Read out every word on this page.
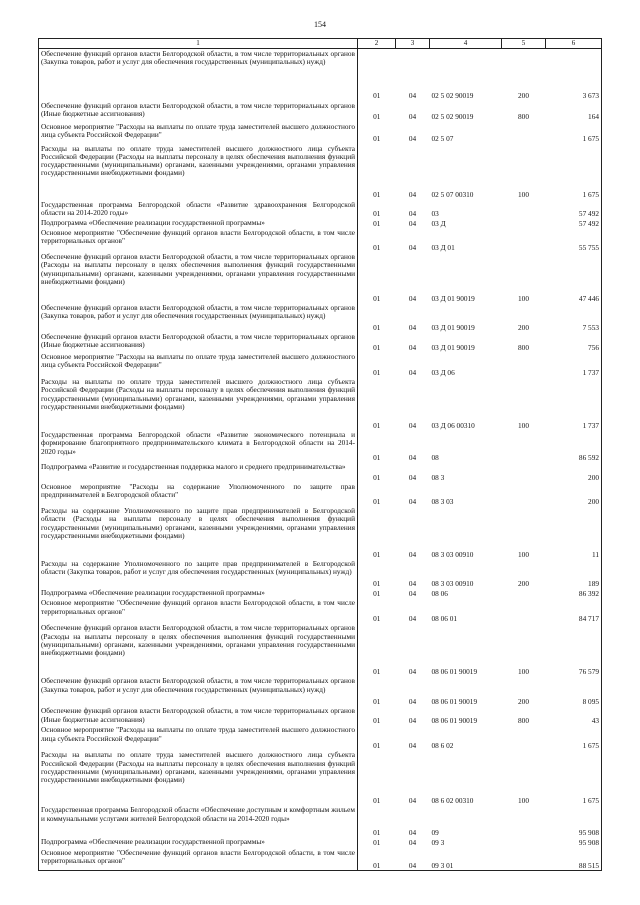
154
1	2	3	4	5	6
Обеспечение функций органов власти Белгородской области, в том числе территориальных органов (Закупка товаров, работ и услуг для обеспечения государственных (муниципальных) нужд)	01	04	02 5 02 90019	200	3 673
Обеспечение функций органов власти Белгородской области, в том числе территориальных органов (Иные бюджетные ассигнования)	01	04	02 5 02 90019	800	164
Основное мероприятие "Расходы на выплаты по оплате труда заместителей высшего должностного лица субъекта Российской Федерации"	01	04	02 5 07		1 675
Расходы на выплаты по оплате труда заместителей высшего должностного лица субъекта Российской Федерации (Расходы на выплаты персоналу в целях обеспечения выполнения функций государственными (муниципальными) органами, казенными учреждениями, органами управления государственными внебюджетными фондами)	01	04	02 5 07 00310	100	1 675
Государственная программа Белгородской области «Развитие здравоохранения Белгородской области на 2014-2020 годы»	01	04	03		57 492
Подпрограмма «Обеспечение реализации государственной программы»	01	04	03 Д		57 492
Основное мероприятие "Обеспечение функций органов власти Белгородской области, в том числе территориальных органов"	01	04	03 Д 01		55 755
Обеспечение функций органов власти Белгородской области, в том числе территориальных органов (Расходы на выплаты персоналу в целях обеспечения выполнения функций государственными (муниципальными) органами, казенными учреждениями, органами управления государственными внебюджетными фондами)	01	04	03 Д 01 90019	100	47 446
Обеспечение функций органов власти Белгородской области, в том числе территориальных органов (Закупка товаров, работ и услуг для обеспечения государственных (муниципальных) нужд)	01	04	03 Д 01 90019	200	7 553
Обеспечение функций органов власти Белгородской области, в том числе территориальных органов (Иные бюджетные ассигнования)	01	04	03 Д 01 90019	800	756
Основное мероприятие "Расходы на выплаты по оплате труда заместителей высшего должностного лица субъекта Российской Федерации"	01	04	03 Д 06		1 737
Расходы на выплаты по оплате труда заместителей высшего должностного лица субъекта Российской Федерации (Расходы на выплаты персоналу в целях обеспечения выполнения функций государственными (муниципальными) органами, казенными учреждениями, органами управления государственными внебюджетными фондами)	01	04	03 Д 06 00310	100	1 737
Государственная программа Белгородской области «Развитие экономического потенциала и формирование благоприятного предпринимательского климата в Белгородской области на 2014-2020 годы»	01	04	08		86 592
Подпрограмма «Развитие и государственная поддержка малого и среднего предпринимательства»	01	04	08 3		200
Основное мероприятие "Расходы на содержание Уполномоченного по защите прав предпринимателей в Белгородской области"	01	04	08 3 03		200
Расходы на содержание Уполномоченного по защите прав предпринимателей в Белгородской области (Расходы на выплаты персоналу в целях обеспечения выполнения функций государственными (муниципальными) органами, казенными учреждениями, органами управления государственными внебюджетными фондами)	01	04	08 3 03 00910	100	11
Расходы на содержание Уполномоченного по защите прав предпринимателей в Белгородской области (Закупка товаров, работ и услуг для обеспечения государственных (муниципальных) нужд)	01	04	08 3 03 00910	200	189
Подпрограмма «Обеспечение реализации государственной программы»	01	04	08 06		86 392
Основное мероприятие "Обеспечение функций органов власти Белгородской области, в том числе территориальных органов"	01	04	08 06 01		84 717
Обеспечение функций органов власти Белгородской области, в том числе территориальных органов (Расходы на выплаты персоналу в целях обеспечения выполнения функций государственными (муниципальными) органами, казенными учреждениями, органами управления государственными внебюджетными фондами)	01	04	08 06 01 90019	100	76 579
Обеспечение функций органов власти Белгородской области, в том числе территориальных органов (Закупка товаров, работ и услуг для обеспечения государственных (муниципальных) нужд)	01	04	08 06 01 90019	200	8 095
Обеспечение функций органов власти Белгородской области, в том числе территориальных органов (Иные бюджетные ассигнования)	01	04	08 06 01 90019	800	43
Основное мероприятие "Расходы на выплаты по оплате труда заместителей высшего должностного лица субъекта Российской Федерации"	01	04	08 6 02		1 675
Расходы на выплаты по оплате труда заместителей высшего должностного лица субъекта Российской Федерации (Расходы на выплаты персоналу в целях обеспечения выполнения функций государственными (муниципальными) органами, казенными учреждениями, органами управления государственными внебюджетными фондами)	01	04	08 6 02 00310	100	1 675
Государственная программа Белгородской области «Обеспечение доступным и комфортным жильем и коммунальными услугами жителей Белгородской области на 2014-2020 годы»	01	04	09		95 908
Подпрограмма «Обеспечение реализации государственной программы»	01	04	09 3		95 908
Основное мероприятие "Обеспечение функций органов власти Белгородской области, в том числе территориальных органов"	01	04	09 3 01		88 515
